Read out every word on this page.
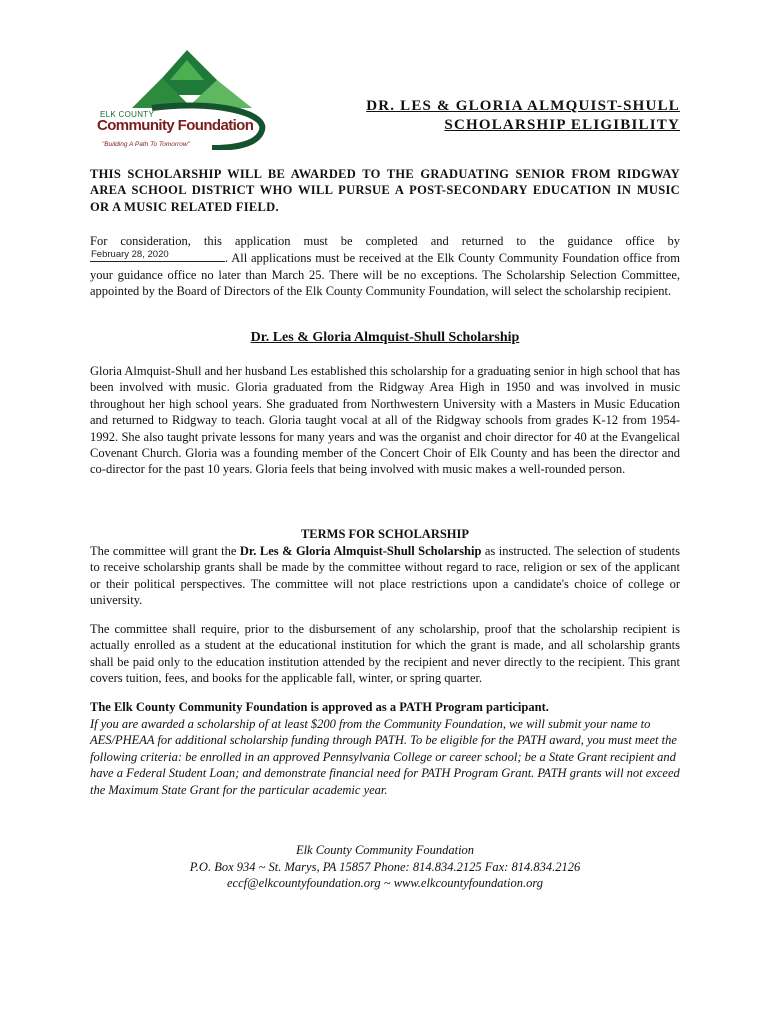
ELK COUNTY
Community Foundation
"Building A Path To Tomorrow"
DR. LES & GLORIA ALMQUIST-SHULL
SCHOLARSHIP ELIGIBILITY
THIS SCHOLARSHIP WILL BE AWARDED TO THE GRADUATING SENIOR FROM RIDGWAY AREA SCHOOL DISTRICT WHO WILL PURSUE A POST-SECONDARY EDUCATION IN MUSIC OR A MUSIC RELATED FIELD.
For consideration, this application must be completed and returned to the guidance office by
February 28, 2020	. All applications must be received at the Elk County Community Foundation office from your guidance office no later than March 25. There will be no exceptions. The Scholarship Selection Committee, appointed by the Board of Directors of the Elk County Community Foundation, will select the scholarship recipient.
Dr. Les & Gloria Almquist-Shull Scholarship
Gloria Almquist-Shull and her husband Les established this scholarship for a graduating senior in high school that has been involved with music. Gloria graduated from the Ridgway Area High in 1950 and was involved in music throughout her high school years. She graduated from Northwestern University with a Masters in Music Education and returned to Ridgway to teach. Gloria taught vocal at all of the Ridgway schools from grades K-12 from 1954-1992. She also taught private lessons for many years and was the organist and choir director for 40 at the Evangelical Covenant Church. Gloria was a founding member of the Concert Choir of Elk County and has been the director and co-director for the past 10 years. Gloria feels that being involved with music makes a well-rounded person.
TERMS FOR SCHOLARSHIP
The committee will grant the Dr. Les & Gloria Almquist-Shull Scholarship as instructed. The selection of students to receive scholarship grants shall be made by the committee without regard to race, religion or sex of the applicant or their political perspectives. The committee will not place restrictions upon a candidate's choice of college or university.
The committee shall require, prior to the disbursement of any scholarship, proof that the scholarship recipient is actually enrolled as a student at the educational institution for which the grant is made, and all scholarship grants shall be paid only to the education institution attended by the recipient and never directly to the recipient. This grant covers tuition, fees, and books for the applicable fall, winter, or spring quarter.
The Elk County Community Foundation is approved as a PATH Program participant.
If you are awarded a scholarship of at least $200 from the Community Foundation, we will submit your name to AES/PHEAA for additional scholarship funding through PATH. To be eligible for the PATH award, you must meet the following criteria: be enrolled in an approved Pennsylvania College or career school; be a State Grant recipient and have a Federal Student Loan; and demonstrate financial need for PATH Program Grant. PATH grants will not exceed the Maximum State Grant for the particular academic year.
Elk County Community Foundation
P.O. Box 934 ~ St. Marys, PA 15857 Phone: 814.834.2125 Fax: 814.834.2126
eccf@elkcountyfoundation.org ~ www.elkcountyfoundation.org
